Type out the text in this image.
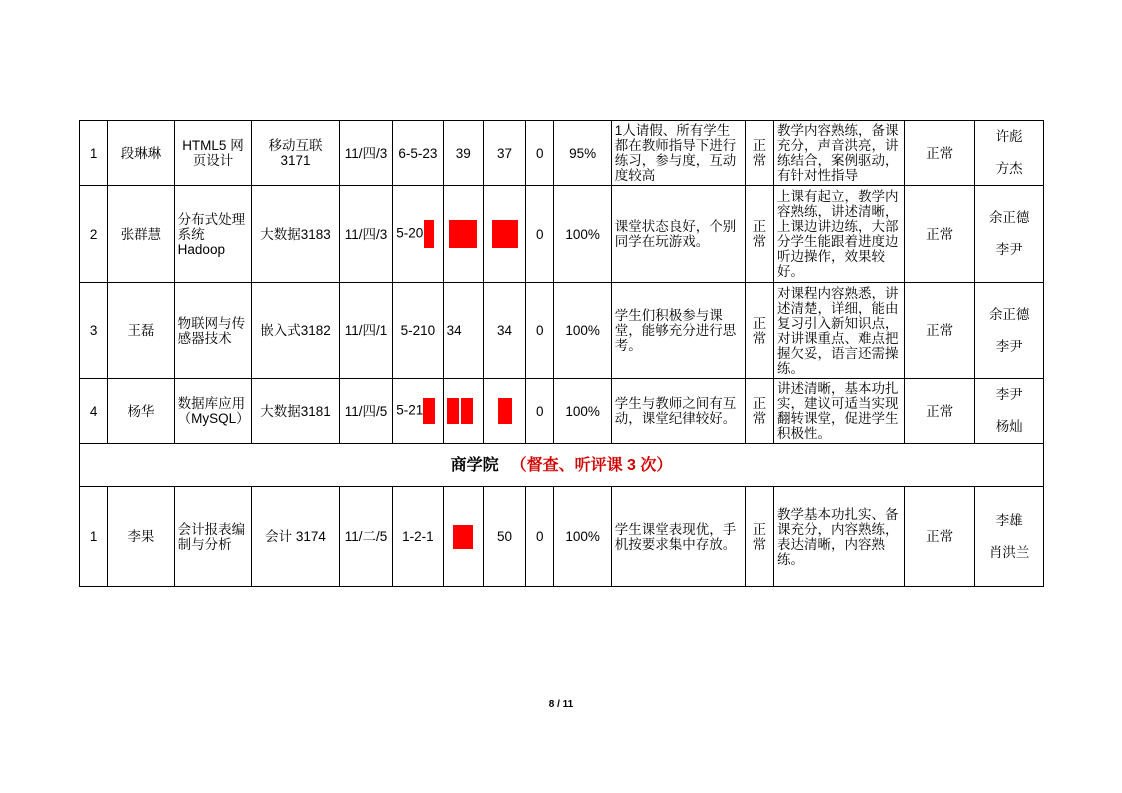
1	段琳琳	HTML5 网页设计	移动互联3171	11/四/3	6-5-23	39	37	0	95%	1人请假、所有学生都在教师指导下进行练习，参与度，互动度较高	正常	教学内容熟练，备课充分，声音洪亮，讲练结合，案例驱动，有针对性指导	正常	许彪
方杰

2	张群慧	分布式处理系统Hadoop	大数据3183	11/四/3	5-20			0	100%	课堂状态良好，个别同学在玩游戏。	正常	上课有起立，教学内容熟练，讲述清晰，上课边讲边练，大部分学生能跟着进度边听边操作，效果较好。	正常	余正德
李尹

3	王磊	物联网与传感器技术	嵌入式3182	11/四/1	5-210	34	34	0	100%	学生们积极参与课堂，能够充分进行思考。	正常	对课程内容熟悉，讲述清楚，详细，能由复习引入新知识点，对讲课重点、难点把握欠妥，语言还需操练。	正常	余正德
李尹

4	杨华	数据库应用（MySQL）	大数据3181	11/四/5	5-21			0	100%	学生与教师之间有互动，课堂纪律较好。	正常	讲述清晰，基本功扎实，建议可适当实现翻转课堂，促进学生积极性。	正常	李尹
杨灿

商学院 （督查、听评课 3 次）														
1	李果	会计报表编制与分析	会计 3174	11/二/5	1-2-1		50	0	100%	学生课堂表现优，手机按要求集中存放。	正常	教学基本功扎实、备课充分，内容熟练，表达清晰，内容熟练。	正常	李雄
肖洪兰
8 / 11
